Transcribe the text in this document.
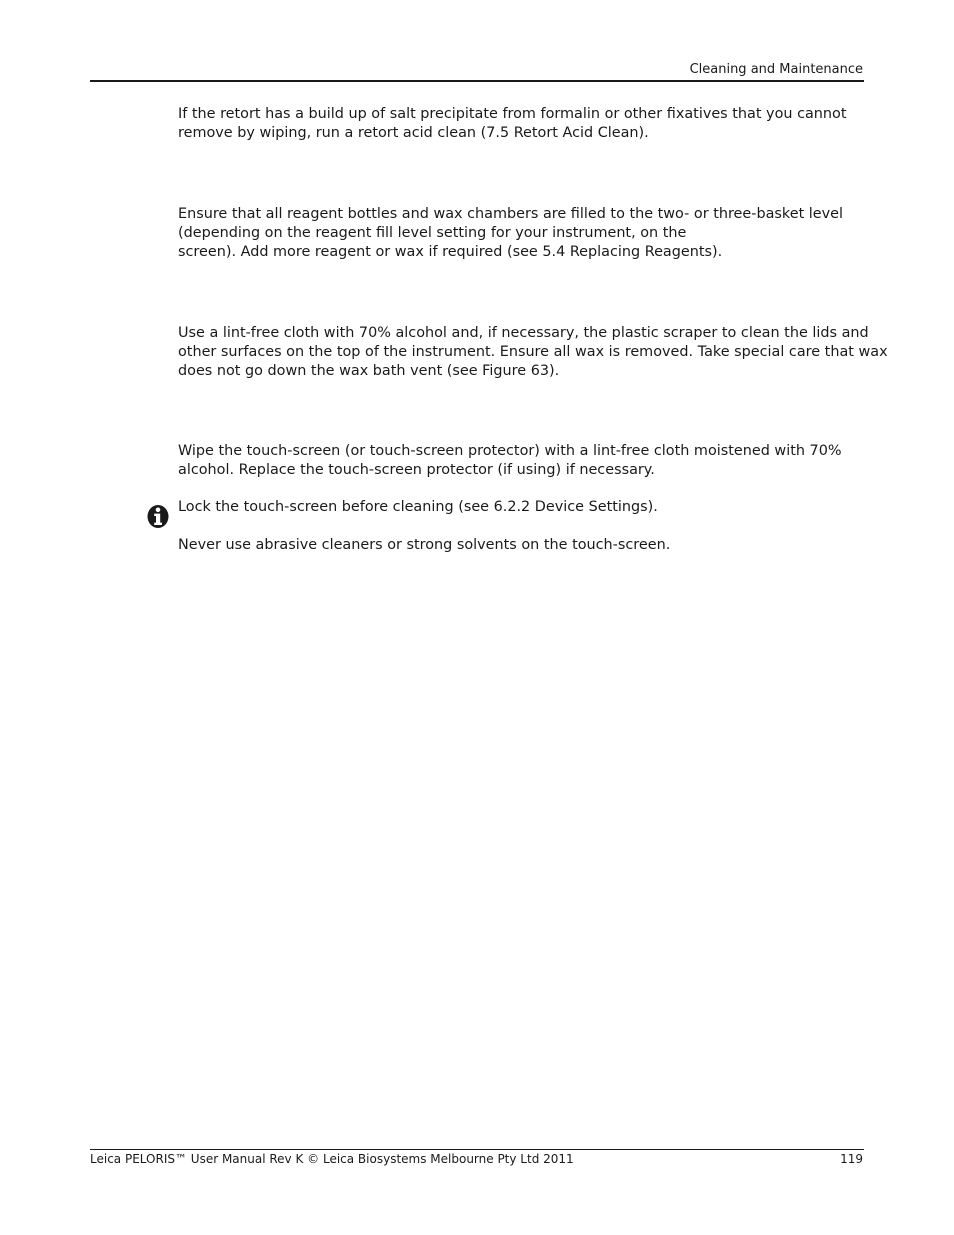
Cleaning and Maintenance

If the retort has a build up of salt precipitate from formalin or other fixatives that you cannot
remove by wiping, run a retort acid clean (7.5 Retort Acid Clean).

Ensure that all reagent bottles and wax chambers are filled to the two- or three-basket level
(depending on the reagent fill level setting for your instrument, on the
screen). Add more reagent or wax if required (see 5.4 Replacing Reagents).

Use a lint-free cloth with 70% alcohol and, if necessary, the plastic scraper to clean the lids and
other surfaces on the top of the instrument. Ensure all wax is removed. Take special care that wax
does not go down the wax bath vent (see Figure 63).

Wipe the touch-screen (or touch-screen protector) with a lint-free cloth moistened with 70%
alcohol. Replace the touch-screen protector (if using) if necessary.

Lock the touch-screen before cleaning (see 6.2.2 Device Settings).

Never use abrasive cleaners or strong solvents on the touch-screen.

Leica PELORIS™ User Manual Rev K © Leica Biosystems Melbourne Pty Ltd 2011	119
